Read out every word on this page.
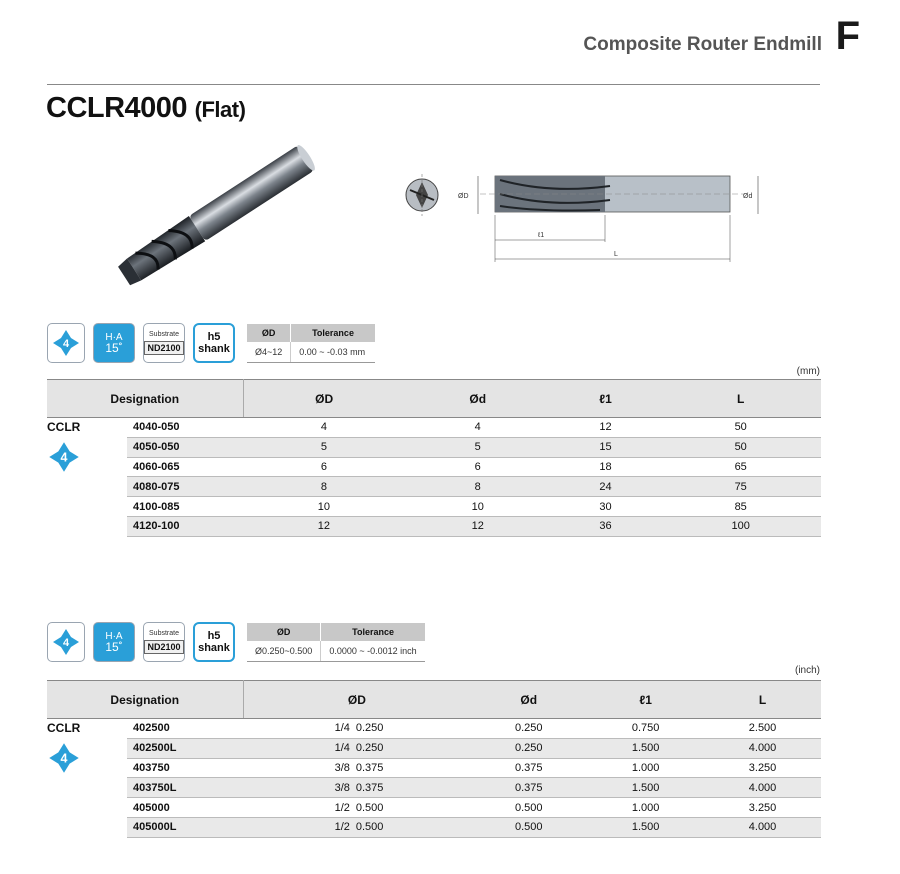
Composite Router Endmill F
CCLR4000 (Flat)
ØD	Ød
ℓ1
L
4
H·A
15˚
Substrate
ND2100
h5
shank
ØD	Tolerance
Ø4~12	0.00 ~ -0.03 mm
(mm)
Designation		ØD	Ød	ℓ1	L

CCLR
4	4040-050	4	4	12	50
	4050-050	5	5	15	50
	4060-065	6	6	18	65
	4080-075	8	8	24	75
	4100-085	10	10	30	85
	4120-100	12	12	36	100
4
H·A
15˚
Substrate
ND2100
h5
shank
ØD	Tolerance
Ø0.250~0.500	0.0000 ~ -0.0012 inch
(inch)
Designation		ØD	Ød	ℓ1	L

CCLR
4	402500	1/4 0.250	0.250	0.750	2.500
	402500L	1/4 0.250	0.250	1.500	4.000
	403750	3/8 0.375	0.375	1.000	3.250
	403750L	3/8 0.375	0.375	1.500	4.000
	405000	1/2 0.500	0.500	1.000	3.250
	405000L	1/2 0.500	0.500	1.500	4.000
